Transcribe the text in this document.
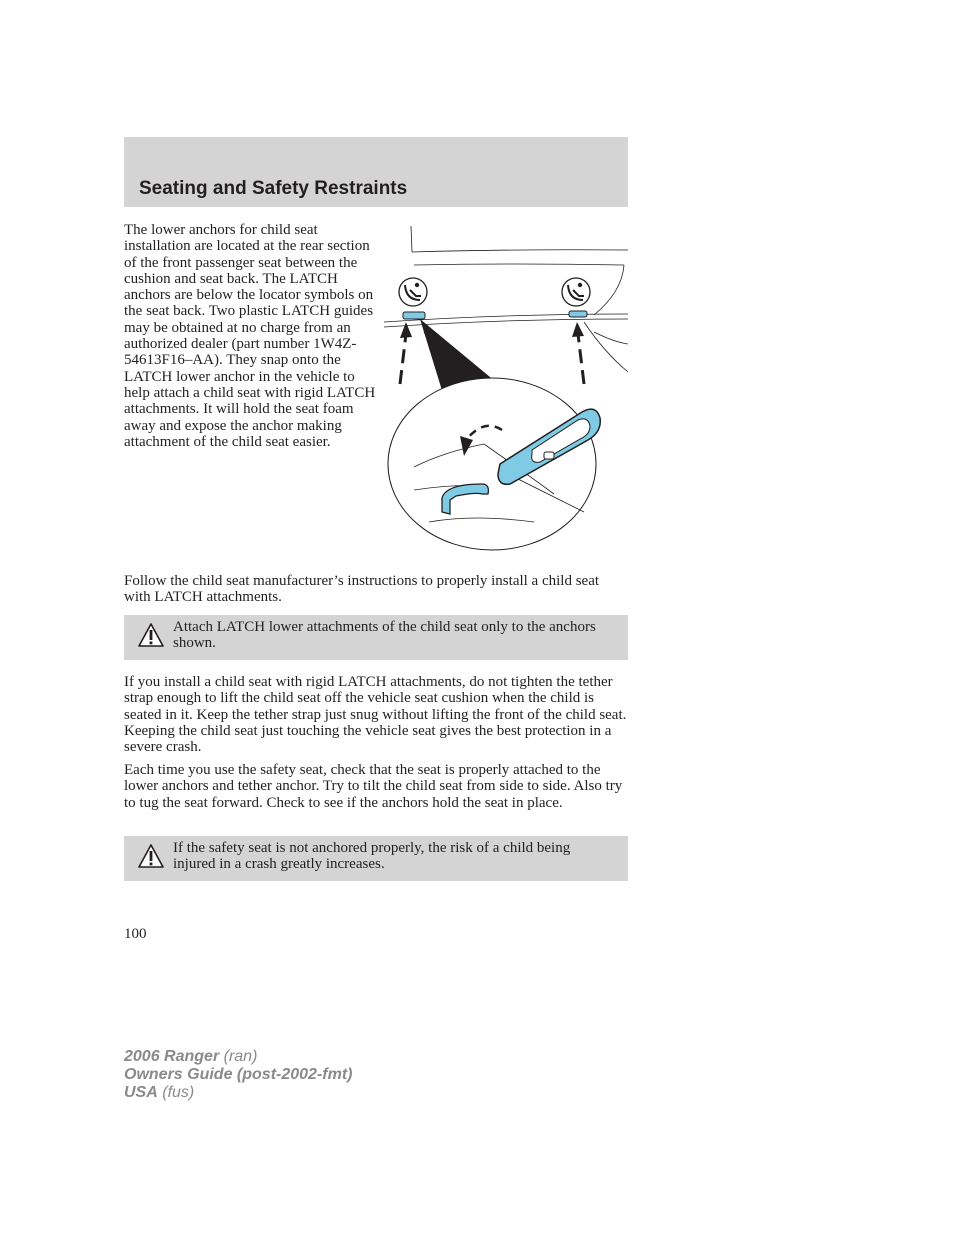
Seating and Safety Restraints

The lower anchors for child seat installation are located at the rear section of the front passenger seat between the cushion and seat back. The LATCH anchors are below the locator symbols on the seat back. Two plastic LATCH guides may be obtained at no charge from an authorized dealer (part number 1W4Z-54613F16–AA). They snap onto the LATCH lower anchor in the vehicle to help attach a child seat with rigid LATCH attachments. It will hold the seat foam away and expose the anchor making attachment of the child seat easier.

Follow the child seat manufacturer’s instructions to properly install a child seat with LATCH attachments.

Attach LATCH lower attachments of the child seat only to the anchors shown.

If you install a child seat with rigid LATCH attachments, do not tighten the tether strap enough to lift the child seat off the vehicle seat cushion when the child is seated in it. Keep the tether strap just snug without lifting the front of the child seat. Keeping the child seat just touching the vehicle seat gives the best protection in a severe crash.

Each time you use the safety seat, check that the seat is properly attached to the lower anchors and tether anchor. Try to tilt the child seat from side to side. Also try to tug the seat forward. Check to see if the anchors hold the seat in place.

If the safety seat is not anchored properly, the risk of a child being injured in a crash greatly increases.

100

2006 Ranger (ran)
Owners Guide (post-2002-fmt)
USA (fus)
